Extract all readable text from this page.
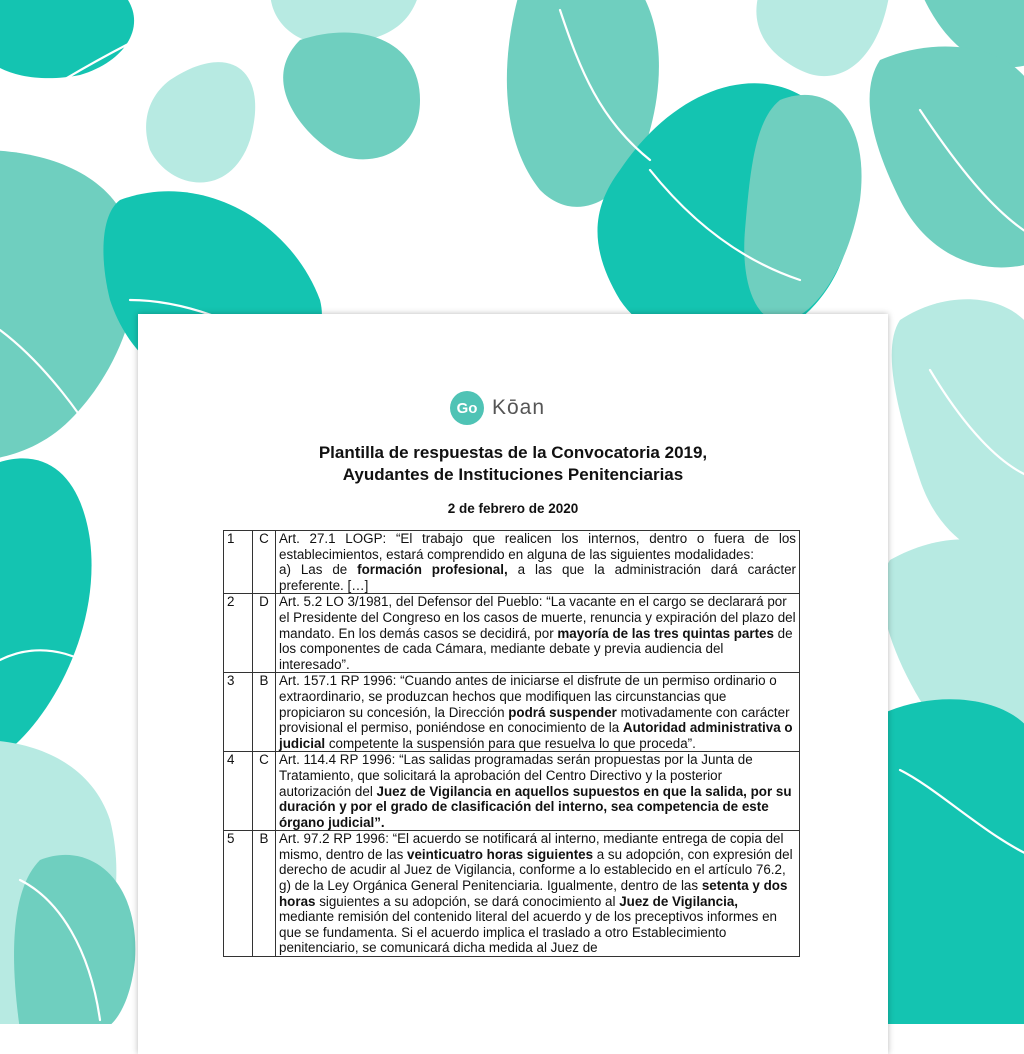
Go Kōan
Plantilla de respuestas de la Convocatoria 2019,
Ayudantes de Instituciones Penitenciarias
2 de febrero de 2020
1	C	Art. 27.1 LOGP: “El trabajo que realicen los internos, dentro o fuera de los establecimientos, estará comprendido en alguna de las siguientes modalidades:
a) Las de formación profesional, a las que la administración dará carácter preferente. […]
2	D	Art. 5.2 LO 3/1981, del Defensor del Pueblo: “La vacante en el cargo se declarará por el Presidente del Congreso en los casos de muerte, renuncia y expiración del plazo del mandato. En los demás casos se decidirá, por mayoría de las tres quintas partes de los componentes de cada Cámara, mediante debate y previa audiencia del interesado”.
3	B	Art. 157.1 RP 1996: “Cuando antes de iniciarse el disfrute de un permiso ordinario o extraordinario, se produzcan hechos que modifiquen las circunstancias que propiciaron su concesión, la Dirección podrá suspender motivadamente con carácter provisional el permiso, poniéndose en conocimiento de la Autoridad administrativa o judicial competente la suspensión para que resuelva lo que proceda”.
4	C	Art. 114.4 RP 1996: “Las salidas programadas serán propuestas por la Junta de Tratamiento, que solicitará la aprobación del Centro Directivo y la posterior autorización del Juez de Vigilancia en aquellos supuestos en que la salida, por su duración y por el grado de clasificación del interno, sea competencia de este órgano judicial”.
5	B	Art. 97.2 RP 1996: “El acuerdo se notificará al interno, mediante entrega de copia del mismo, dentro de las veinticuatro horas siguientes a su adopción, con expresión del derecho de acudir al Juez de Vigilancia, conforme a lo establecido en el artículo 76.2, g) de la Ley Orgánica General Penitenciaria. Igualmente, dentro de las setenta y dos horas siguientes a su adopción, se dará conocimiento al Juez de Vigilancia, mediante remisión del contenido literal del acuerdo y de los preceptivos informes en que se fundamenta. Si el acuerdo implica el traslado a otro Establecimiento penitenciario, se comunicará dicha medida al Juez de
